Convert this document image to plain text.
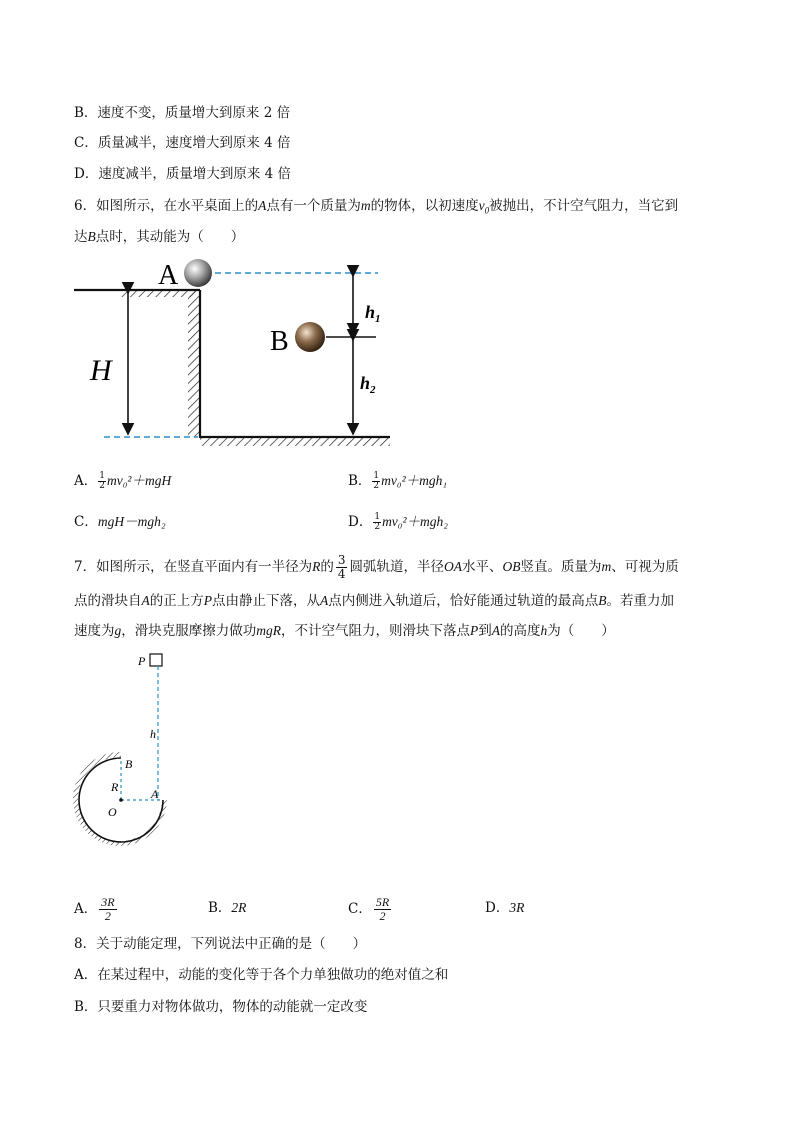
B．速度不变，质量增大到原来 2 倍
C．质量减半，速度增大到原来 4 倍
D．速度减半，质量增大到原来 4 倍
6．如图所示，在水平桌面上的A点有一个质量为m的物体，以初速度$v_0$被抛出，不计空气阻力，当它到
达B点时，其动能为（　　）
H
$h_1$
$h_2$
A
B
A． $\frac{1}{2} mv_0^2+mgH$	B． $\frac{1}{2} mv_0^2+mgh_1$
C．mgH－mgh₂	D． $\frac{1}{2} mv_0^2+mgh_2$
7．如图所示，在竖直平面内有一半径为R的 $\frac{3}{4}$ 圆弧轨道，半径OA水平、OB竖直。质量为m、可视为质
点的滑块自A的正上方P点由静止下落，从A点内侧进入轨道后，恰好能通过轨道的最高点B。若重力加
速度为g，滑块克服摩擦力做功mgR，不计空气阻力，则滑块下落点P到A的高度h为（　　）
P
h
B
R
O
A
A． $\frac{3R}{2}$	B．2R	C． $\frac{5R}{2}$	D．3R
8．关于动能定理，下列说法中正确的是（　　）
A．在某过程中，动能的变化等于各个力单独做功的绝对值之和
B．只要重力对物体做功，物体的动能就一定改变
